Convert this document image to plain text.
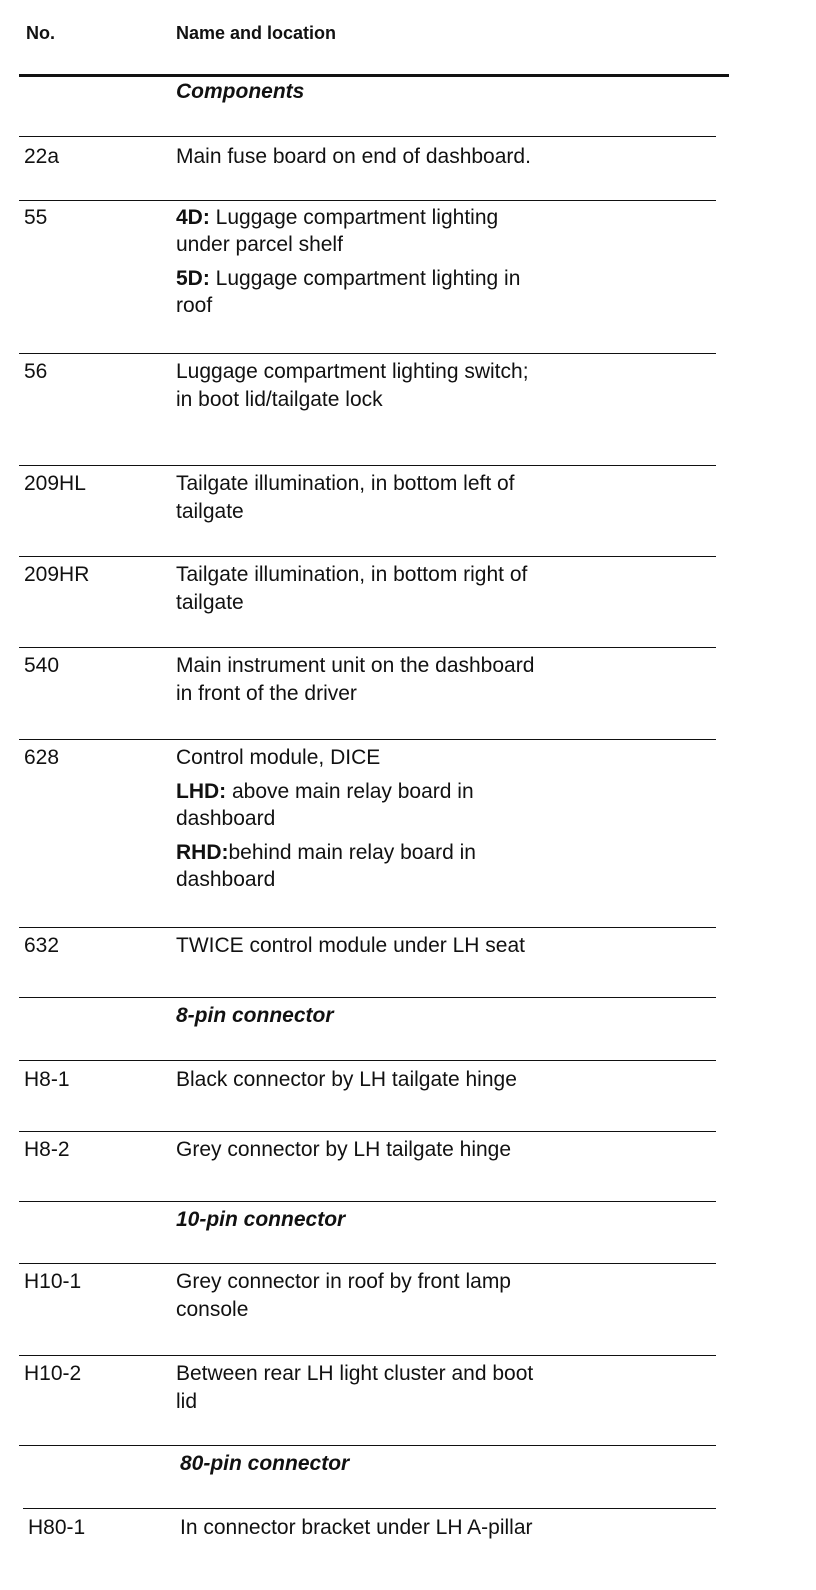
No.	Name and location
Components
22a	Main fuse board on end of dashboard.
55	4D: Luggage compartment lighting
under parcel shelf
5D: Luggage compartment lighting in
roof
56	Luggage compartment lighting switch;
in boot lid/tailgate lock
209HL	Tailgate illumination, in bottom left of
tailgate
209HR	Tailgate illumination, in bottom right of
tailgate
540	Main instrument unit on the dashboard
in front of the driver
628	Control module, DICE
LHD: above main relay board in
dashboard
RHD:behind main relay board in
dashboard
632	TWICE control module under LH seat
8-pin connector
H8-1	Black connector by LH tailgate hinge
H8-2	Grey connector by LH tailgate hinge
10-pin connector
H10-1	Grey connector in roof by front lamp
console
H10-2	Between rear LH light cluster and boot
lid
80-pin connector
H80-1	In connector bracket under LH A-pillar
